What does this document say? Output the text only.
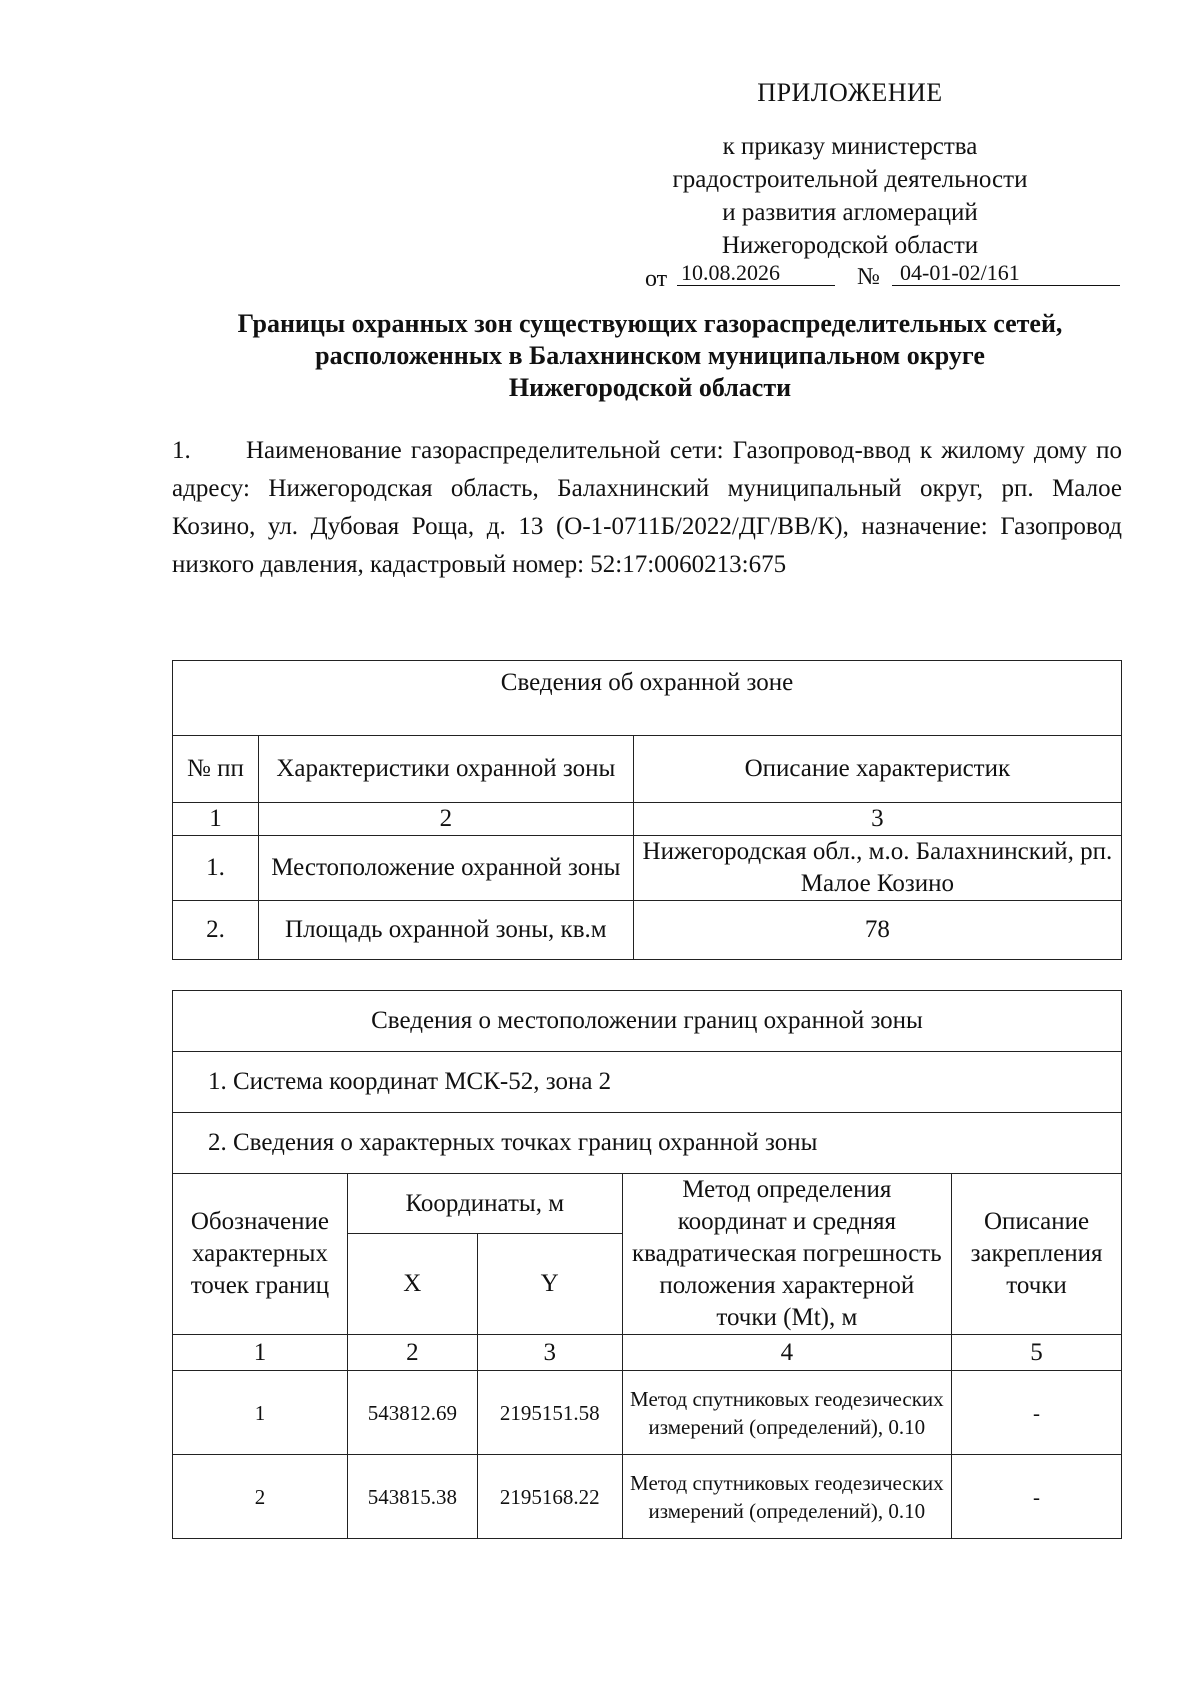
ПРИЛОЖЕНИЕ
к приказу министерства
градостроительной деятельности
и развития агломераций
Нижегородской области
от 10.08.2026	№ 04-01-02/161
Границы охранных зон существующих газораспределительных сетей,
расположенных в Балахнинском муниципальном округе
Нижегородской области
1. Наименование газораспределительной сети: Газопровод-ввод к жилому дому по адресу: Нижегородская область, Балахнинский муниципальный округ, рп. Малое Козино, ул. Дубовая Роща, д. 13 (О-1-0711Б/2022/ДГ/ВВ/К), назначение: Газопровод низкого давления, кадастровый номер: 52:17:0060213:675
Сведения об охранной зоне		
№ пп	Характеристики охранной зоны	Описание характеристик
1	2	3
1.	Местоположение охранной зоны	Нижегородская обл., м.о. Балахнинский, рп. Малое Козино
2.	Площадь охранной зоны, кв.м	78
Сведения о местоположении границ охранной зоны				
1. Система координат МСК-52, зона 2				
2. Сведения о характерных точках границ охранной зоны				
Обозначение характерных точек границ	Координаты, м		Метод определения координат и средняя квадратическая погрешность положения характерной точки (Mt), м	Описание закрепления точки
	X	Y		
1	2	3	4	5
1	543812.69	2195151.58	Метод спутниковых геодезических измерений (определений), 0.10	-
2	543815.38	2195168.22	Метод спутниковых геодезических измерений (определений), 0.10	-
